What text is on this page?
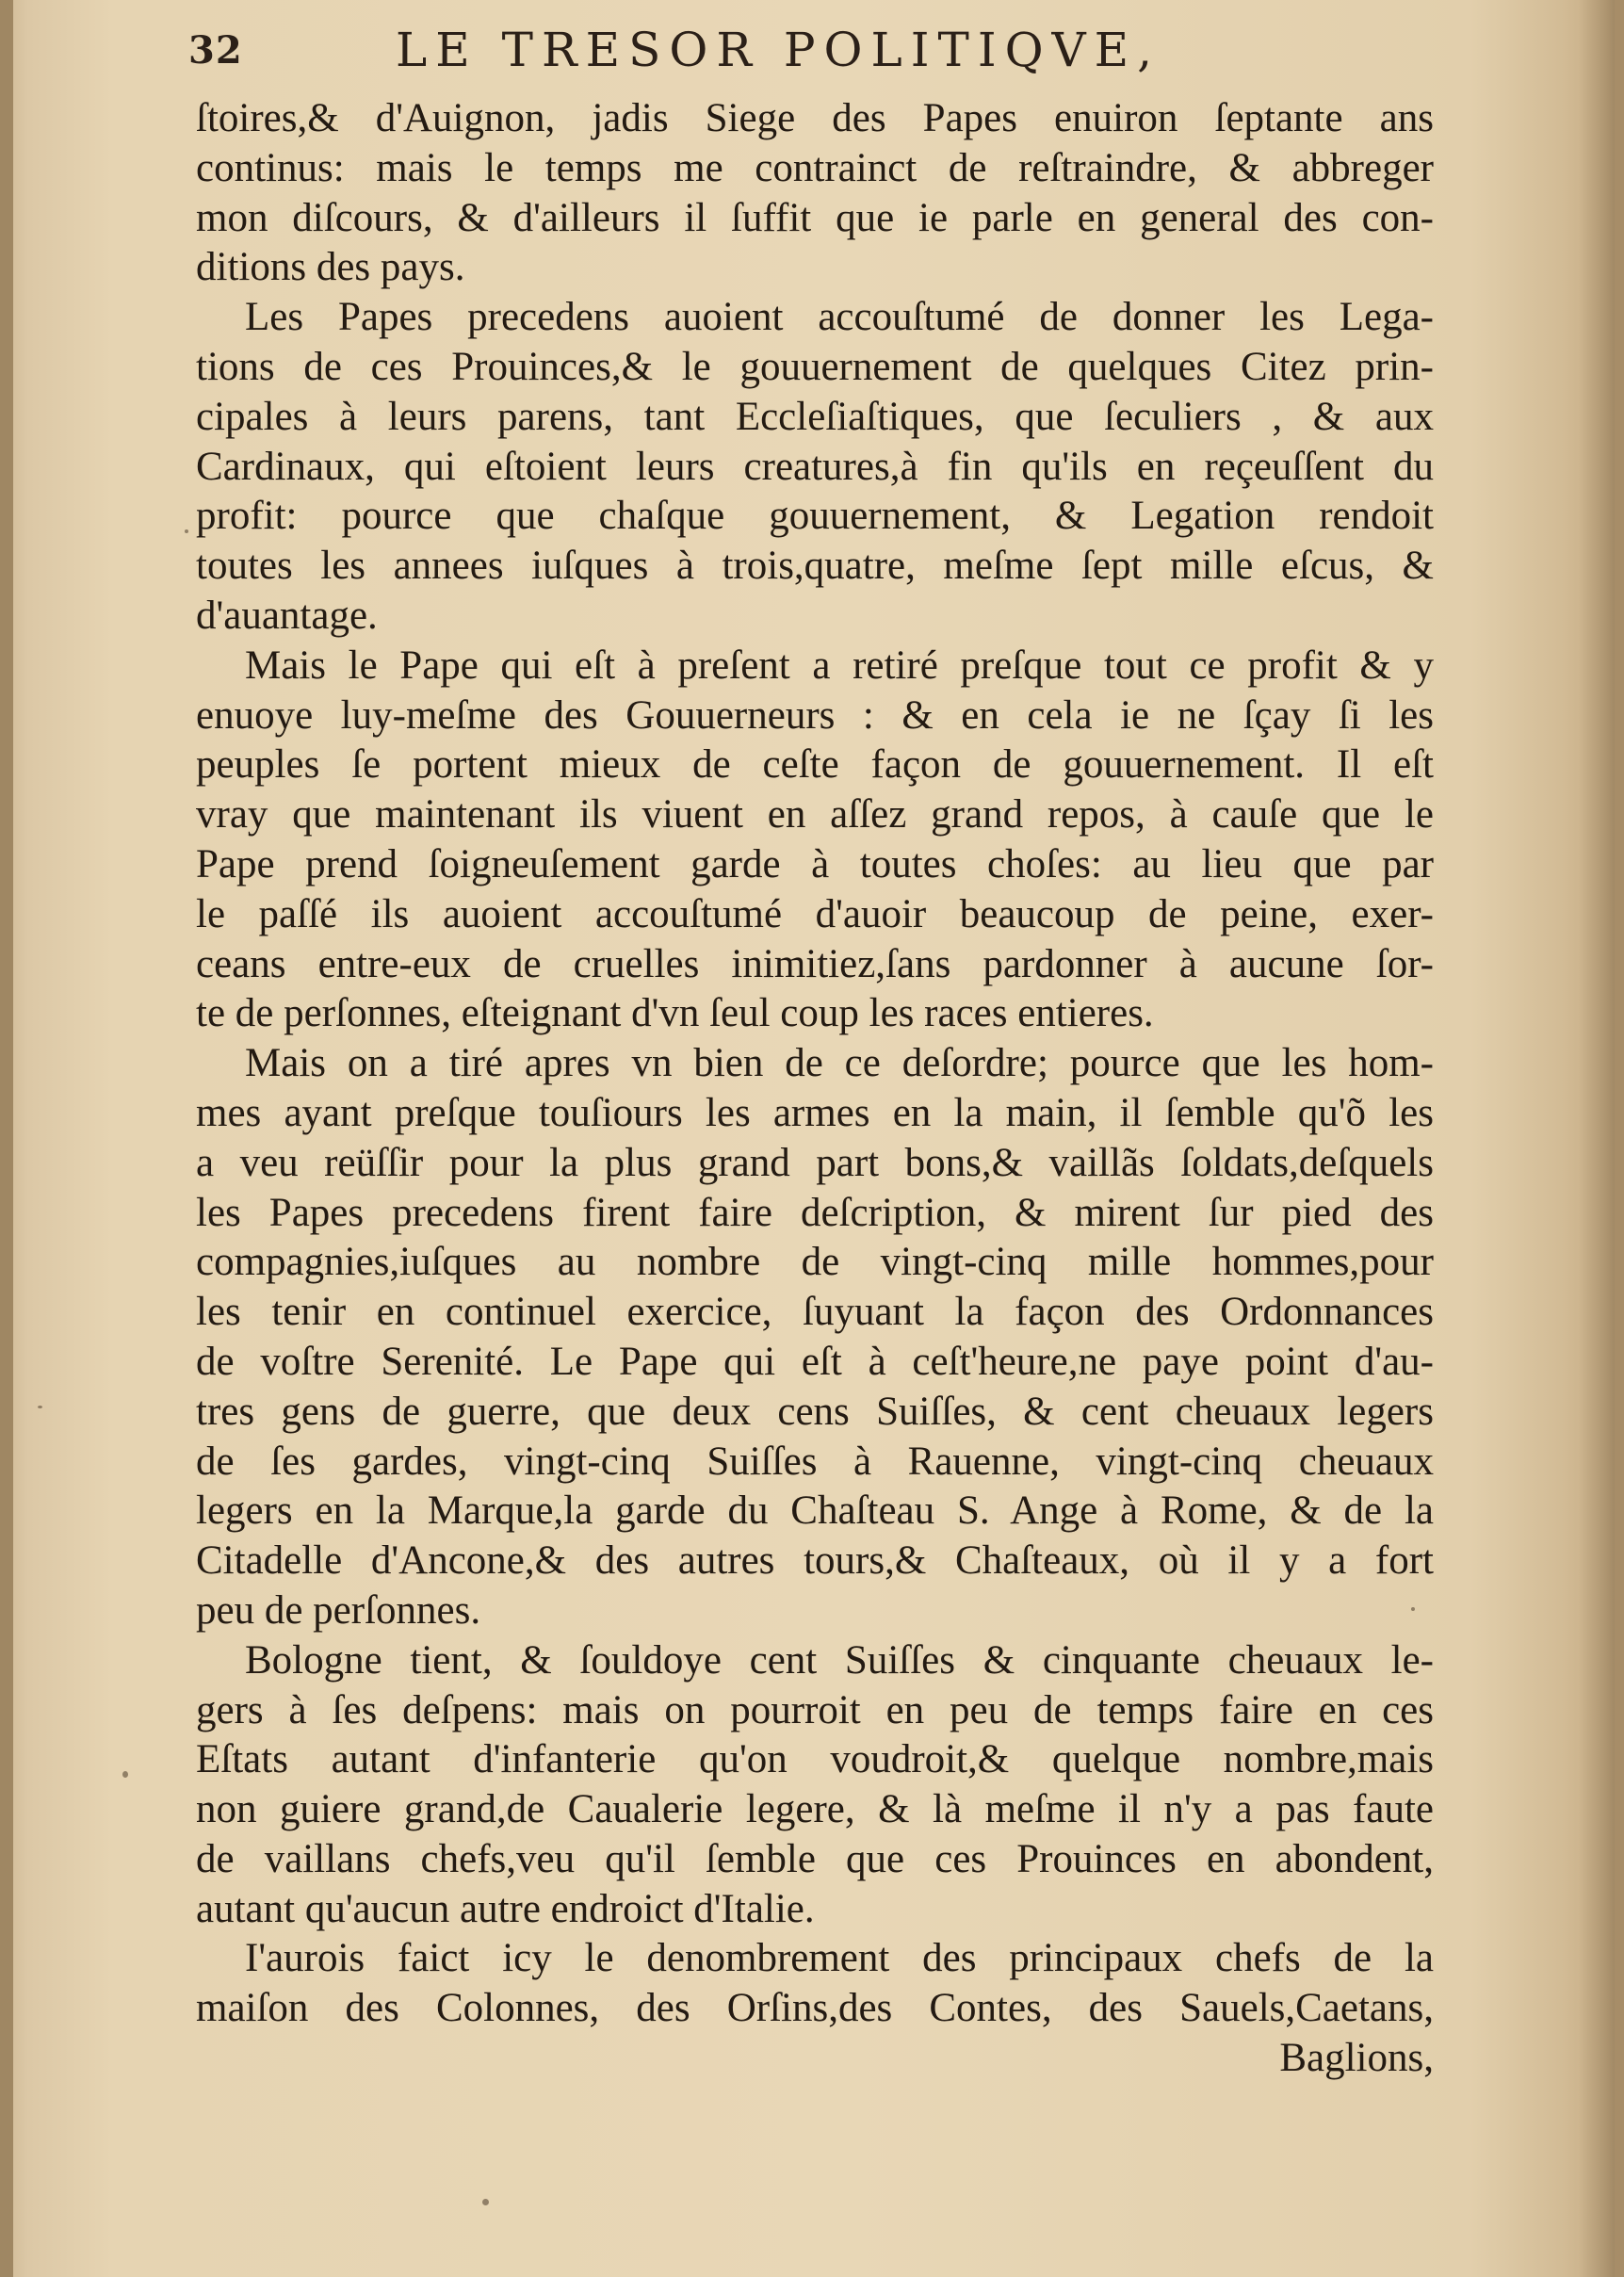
32	LE TRESOR POLITIQVE,
ſtoires,& d'Auignon, jadis Siege des Papes enuiron ſeptante ans
continus: mais le temps me contrainct de reſtraindre, & abbreger
mon diſcours, & d'ailleurs il ſuffit que ie parle en general des con-
ditions des pays.
Les Papes precedens auoient accouſtumé de donner les Lega-
tions de ces Prouinces,& le gouuernement de quelques Citez prin-
cipales à leurs parens, tant Eccleſiaſtiques, que ſeculiers , & aux
Cardinaux, qui eſtoient leurs creatures,à fin qu'ils en reçeuſſent du
profit: pource que chaſque gouuernement, & Legation rendoit
toutes les annees iuſques à trois,quatre, meſme ſept mille eſcus, &
d'auantage.
Mais le Pape qui eſt à preſent a retiré preſque tout ce profit & y
enuoye luy-meſme des Gouuerneurs : & en cela ie ne ſçay ſi les
peuples ſe portent mieux de ceſte façon de gouuernement. Il eſt
vray que maintenant ils viuent en aſſez grand repos, à cauſe que le
Pape prend ſoigneuſement garde à toutes choſes: au lieu que par
le paſſé ils auoient accouſtumé d'auoir beaucoup de peine, exer-
ceans entre-eux de cruelles inimitiez,ſans pardonner à aucune ſor-
te de perſonnes, eſteignant d'vn ſeul coup les races entieres.
Mais on a tiré apres vn bien de ce deſordre; pource que les hom-
mes ayant preſque touſiours les armes en la main, il ſemble qu'õ les
a veu reüſſir pour la plus grand part bons,& vaillãs ſoldats,deſquels
les Papes precedens firent faire deſcription, & mirent ſur pied des
compagnies,iuſques au nombre de vingt-cinq mille hommes,pour
les tenir en continuel exercice, ſuyuant la façon des Ordonnances
de voſtre Serenité. Le Pape qui eſt à ceſt'heure,ne paye point d'au-
tres gens de guerre, que deux cens Suiſſes, & cent cheuaux legers
de ſes gardes, vingt-cinq Suiſſes à Rauenne, vingt-cinq cheuaux
legers en la Marque,la garde du Chaſteau S. Ange à Rome, & de la
Citadelle d'Ancone,& des autres tours,& Chaſteaux, où il y a fort
peu de perſonnes.
Bologne tient, & ſouldoye cent Suiſſes & cinquante cheuaux le-
gers à ſes deſpens: mais on pourroit en peu de temps faire en ces
Eſtats autant d'infanterie qu'on voudroit,& quelque nombre,mais
non guiere grand,de Caualerie legere, & là meſme il n'y a pas faute
de vaillans chefs,veu qu'il ſemble que ces Prouinces en abondent,
autant qu'aucun autre endroict d'Italie.
I'aurois faict icy le denombrement des principaux chefs de la
maiſon des Colonnes, des Orſins,des Contes, des Sauels,Caetans,
Baglions,
